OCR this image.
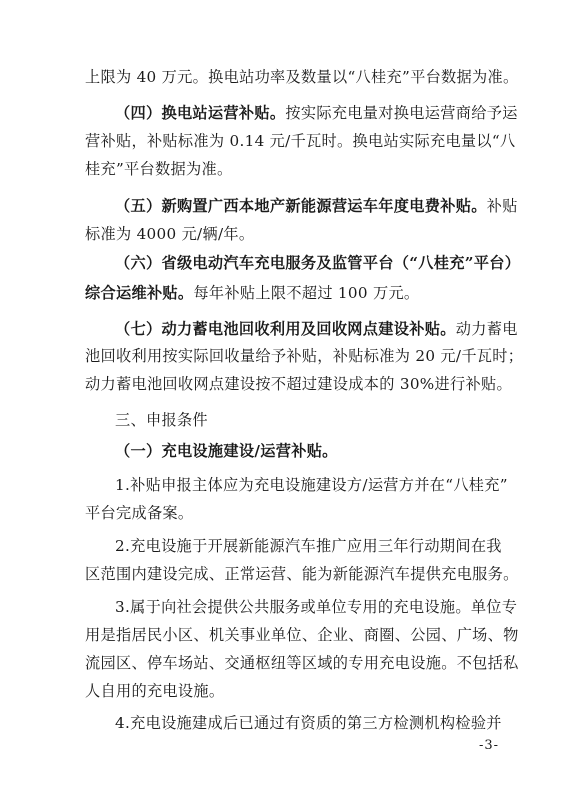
上限为 40 万元。换电站功率及数量以“八桂充”平台数据为准。
（四）换电站运营补贴。按实际充电量对换电运营商给予运
营补贴，补贴标准为 0.14 元/千瓦时。换电站实际充电量以“八
桂充”平台数据为准。
（五）新购置广西本地产新能源营运车年度电费补贴。补贴
标准为 4000 元/辆/年。
（六）省级电动汽车充电服务及监管平台（“八桂充”平台）
综合运维补贴。每年补贴上限不超过 100 万元。
（七）动力蓄电池回收利用及回收网点建设补贴。动力蓄电
池回收利用按实际回收量给予补贴，补贴标准为 20 元/千瓦时；
动力蓄电池回收网点建设按不超过建设成本的 30%进行补贴。
三、申报条件
（一）充电设施建设/运营补贴。
1.补贴申报主体应为充电设施建设方/运营方并在“八桂充”
平台完成备案。
2.充电设施于开展新能源汽车推广应用三年行动期间在我
区范围内建设完成、正常运营、能为新能源汽车提供充电服务。
3.属于向社会提供公共服务或单位专用的充电设施。单位专
用是指居民小区、机关事业单位、企业、商圈、公园、广场、物
流园区、停车场站、交通枢纽等区域的专用充电设施。不包括私
人自用的充电设施。
4.充电设施建成后已通过有资质的第三方检测机构检验并
-3-
